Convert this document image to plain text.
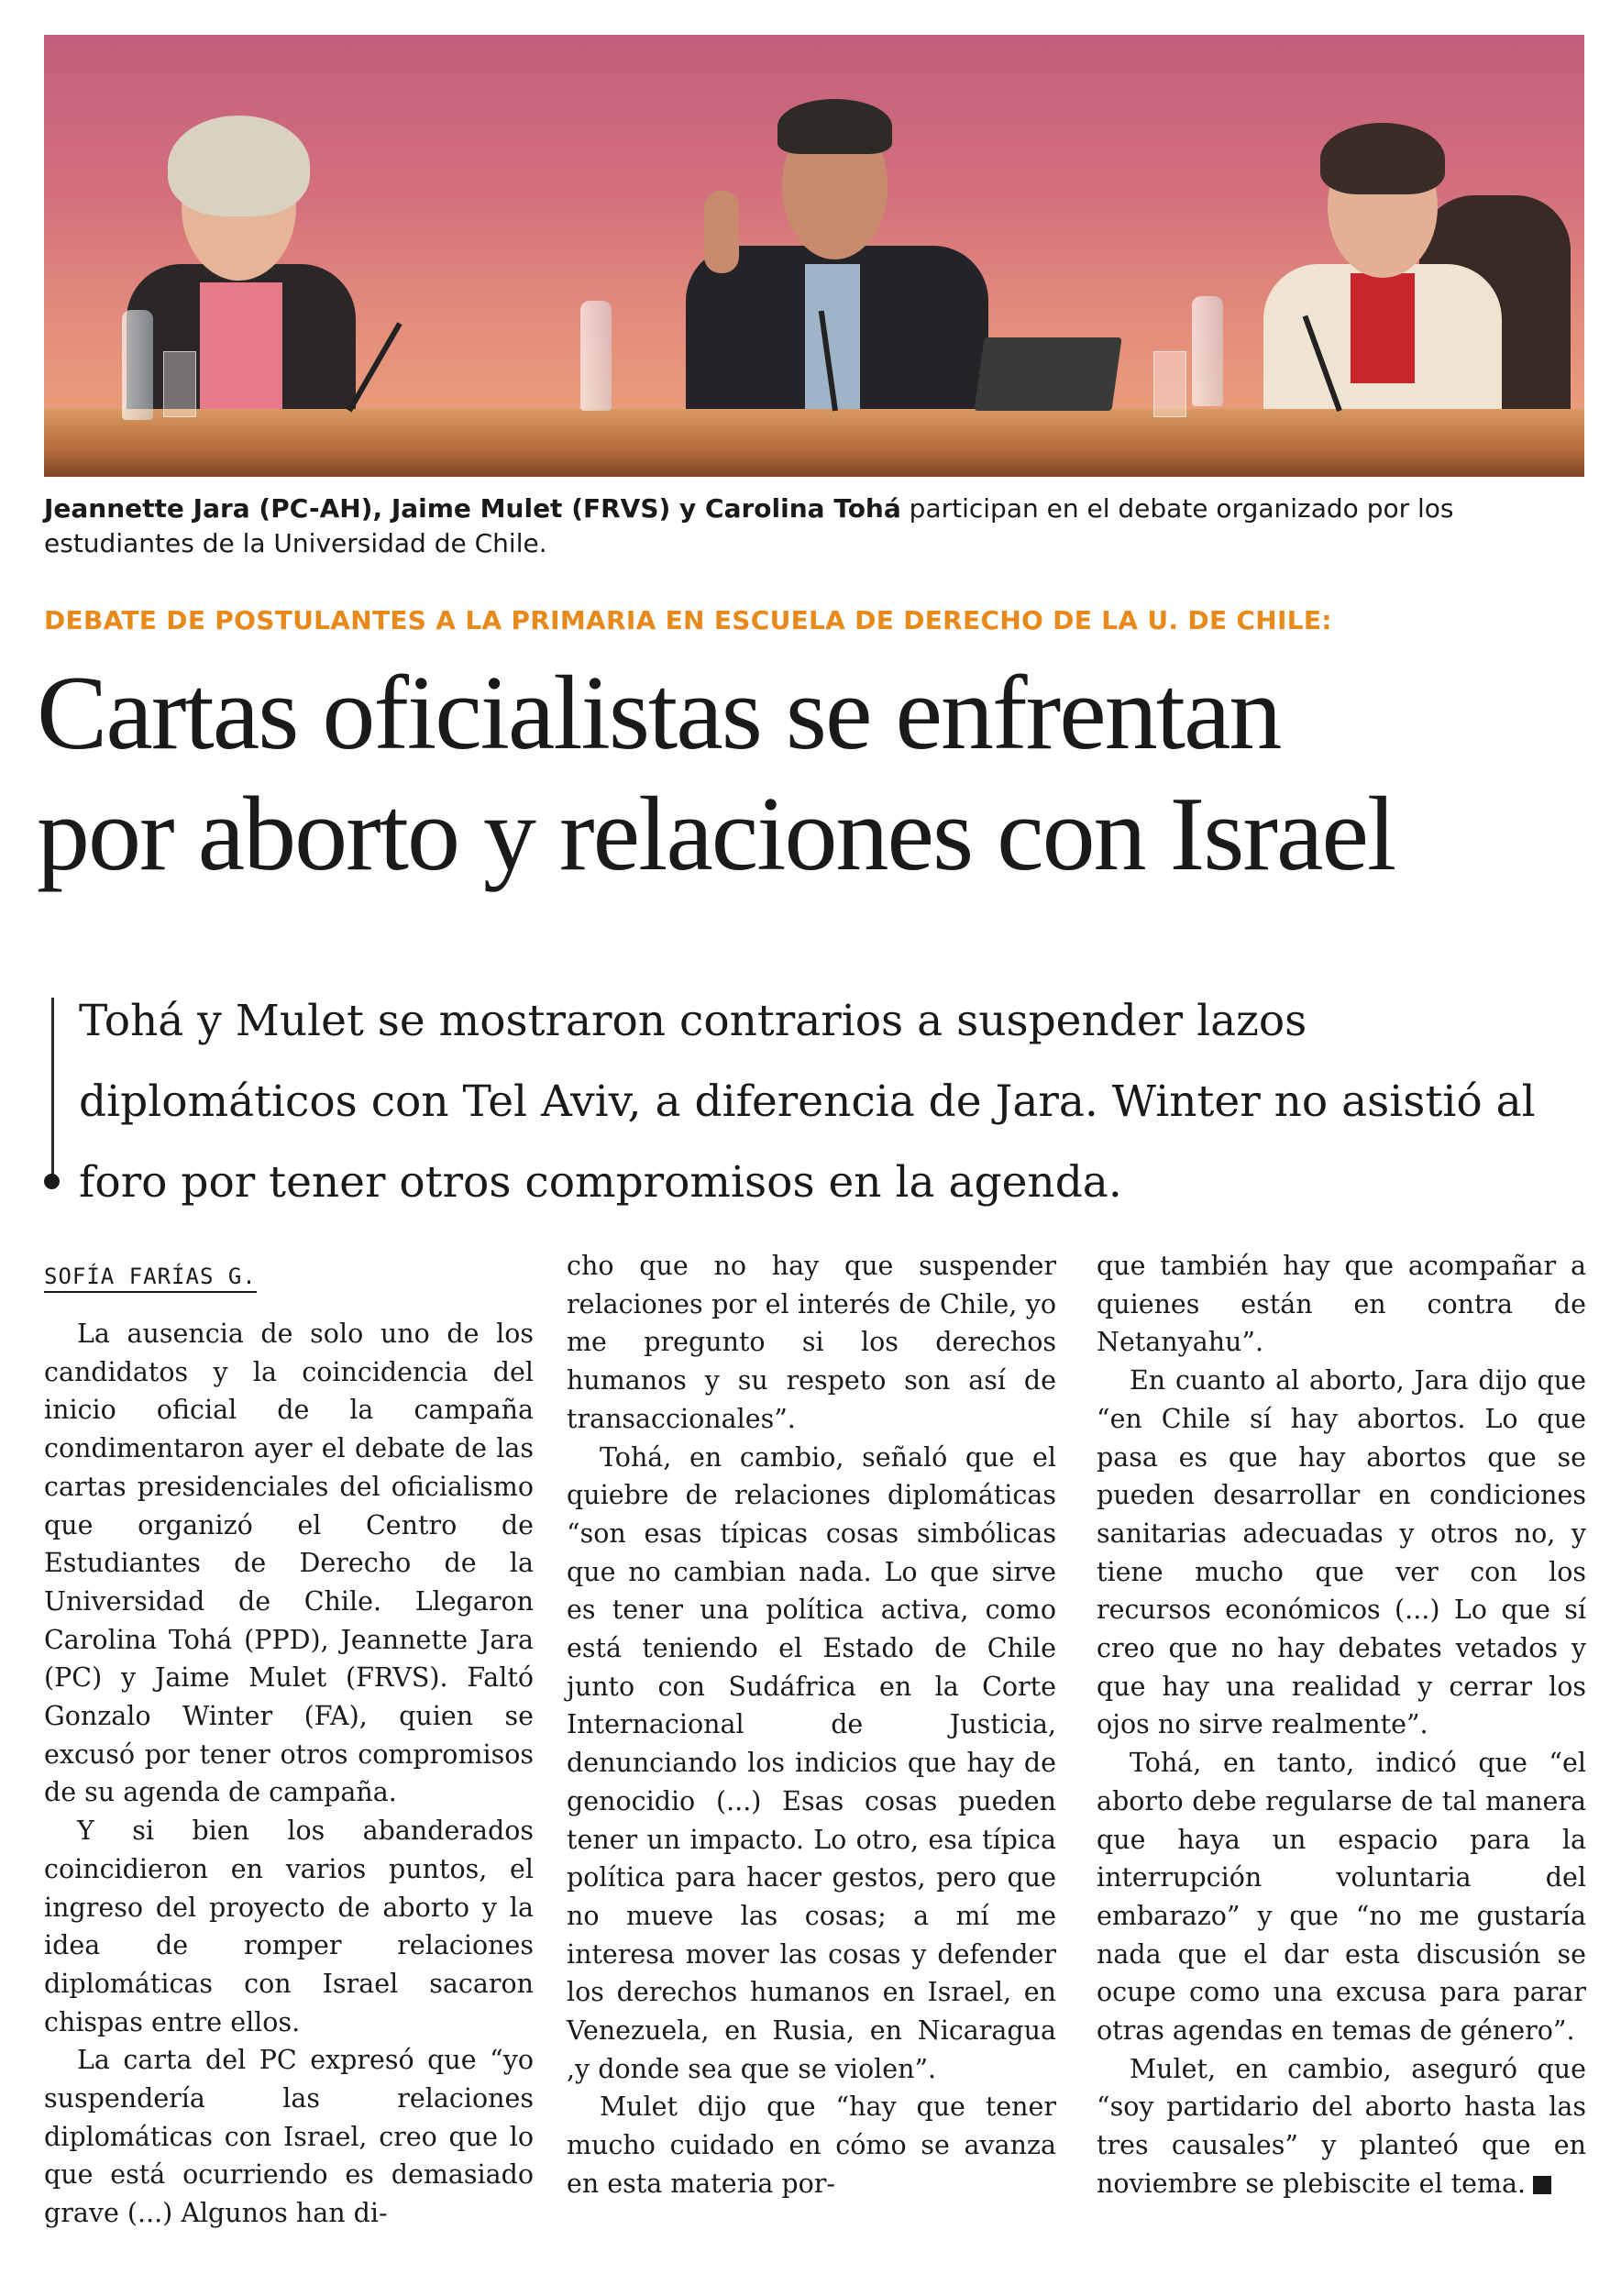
Jeannette Jara (PC-AH), Jaime Mulet (FRVS) y Carolina Tohá participan en el debate organizado por los estudiantes de la Universidad de Chile.
DEBATE DE POSTULANTES A LA PRIMARIA EN ESCUELA DE DERECHO DE LA U. DE CHILE:
Cartas oficialistas se enfrentan
por aborto y relaciones con Israel
Tohá y Mulet se mostraron contrarios a suspender lazos diplomáticos con Tel Aviv, a diferencia de Jara. Winter no asistió al foro por tener otros compromisos en la agenda.
SOFÍA FARÍAS G.

La ausencia de solo uno de los candidatos y la coincidencia del inicio oficial de la campaña condimentaron ayer el debate de las cartas presidenciales del oficialismo que organizó el Centro de Estudiantes de Derecho de la Universidad de Chile. Llegaron Carolina Tohá (PPD), Jeannette Jara (PC) y Jaime Mulet (FRVS). Faltó Gonzalo Winter (FA), quien se excusó por tener otros compromisos de su agenda de campaña.

Y si bien los abanderados coincidieron en varios puntos, el ingreso del proyecto de aborto y la idea de romper relaciones diplomáticas con Israel sacaron chispas entre ellos.

La carta del PC expresó que “yo suspendería las relaciones diplomáticas con Israel, creo que lo que está ocurriendo es demasiado grave (...) Algunos han di-

cho que no hay que suspender relaciones por el interés de Chile, yo me pregunto si los derechos humanos y su respeto son así de transaccionales”.

Tohá, en cambio, señaló que el quiebre de relaciones diplomáticas “son esas típicas cosas simbólicas que no cambian nada. Lo que sirve es tener una política activa, como está teniendo el Estado de Chile junto con Sudáfrica en la Corte Internacional de Justicia, denunciando los indicios que hay de genocidio (...) Esas cosas pueden tener un impacto. Lo otro, esa típica política para hacer gestos, pero que no mueve las cosas; a mí me interesa mover las cosas y defender los derechos humanos en Israel, en Venezuela, en Rusia, en Nicaragua ,y donde sea que se violen”.

Mulet dijo que “hay que tener mucho cuidado en cómo se avanza en esta materia por-

que también hay que acompañar a quienes están en contra de Netanyahu”.

En cuanto al aborto, Jara dijo que “en Chile sí hay abortos. Lo que pasa es que hay abortos que se pueden desarrollar en condiciones sanitarias adecuadas y otros no, y tiene mucho que ver con los recursos económicos (...) Lo que sí creo que no hay debates vetados y que hay una realidad y cerrar los ojos no sirve realmente”.

Tohá, en tanto, indicó que “el aborto debe regularse de tal manera que haya un espacio para la interrupción voluntaria del embarazo” y que “no me gustaría nada que el dar esta discusión se ocupe como una excusa para parar otras agendas en temas de género”.

Mulet, en cambio, aseguró que “soy partidario del aborto hasta las tres causales” y planteó que en noviembre se plebiscite el tema.
